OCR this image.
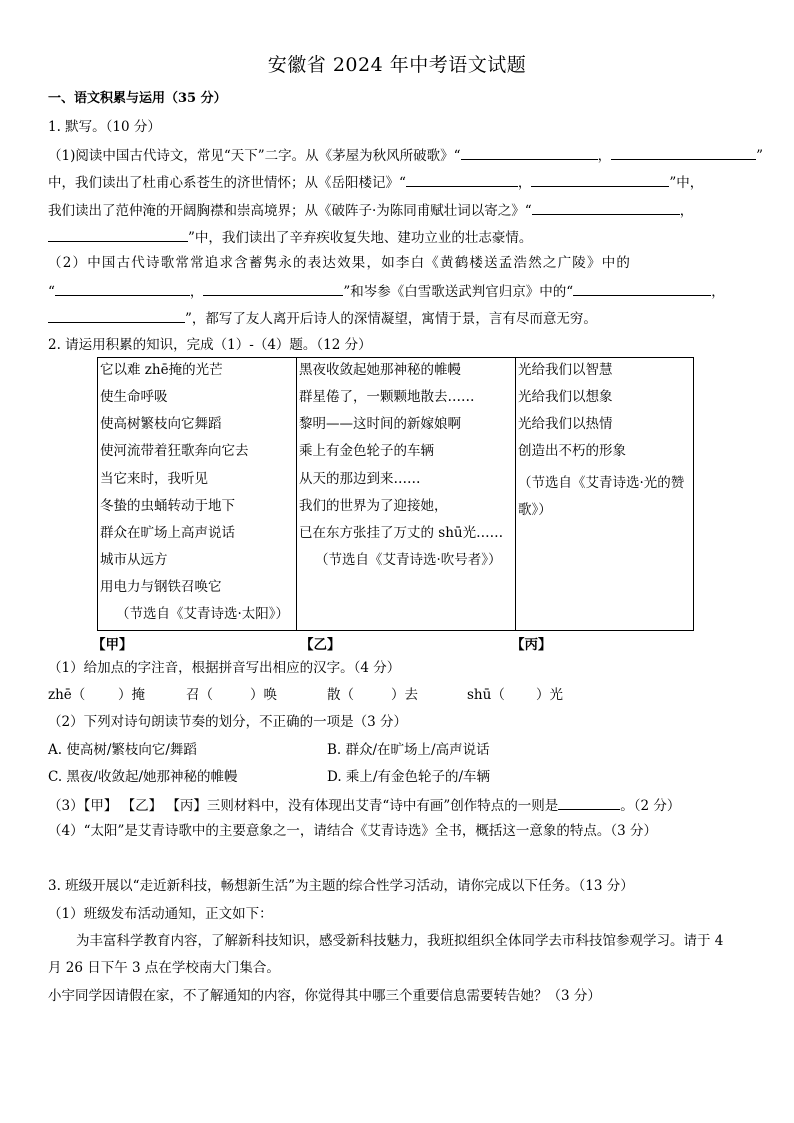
安徽省 2024 年中考语文试题
一、语文积累与运用（35 分）
1. 默写。（10 分）
（1)阅读中国古代诗文，常见“天下”二字。从《茅屋为秋风所破歌》“	，	”
中，我们读出了杜甫心系苍生的济世情怀；从《岳阳楼记》“	，	”中，
我们读出了范仲淹的开阔胸襟和崇高境界；从《破阵子·为陈同甫赋壮词以寄之》“	，
”中，我们读出了辛弃疾收复失地、建功立业的壮志豪情。
（2）中国古代诗歌常常追求含蓄隽永的表达效果，如李白《黄鹤楼送孟浩然之广陵》中的
“	，	”和岑参《白雪歌送武判官归京》中的“	，
”，都写了友人离开后诗人的深情凝望，寓情于景，言有尽而意无穷。
2. 请运用积累的知识，完成（1）-（4）题。（12 分）
它以难 zhē掩的光芒
使生命呼吸
使高树繁枝向它舞蹈
使河流带着狂歌奔向它去
当它来时，我听见
冬蛰的虫蛹转动于地下
群众在旷场上高声说话
城市从远方
用电力与钢铁召唤它
（节选自《艾青诗选·太阳》）
黑夜收敛起她那神秘的帷幔
群星倦了，一颗颗地散去……
黎明——这时间的新嫁娘啊
乘上有金色轮子的车辆
从天的那边到来……
我们的世界为了迎接她，
已在东方张挂了万丈的 shū光……
（节选自《艾青诗选·吹号者》）
光给我们以智慧
光给我们以想象
光给我们以热情
创造出不朽的形象
（节选自《艾青诗选·光的赞歌》）
【甲】	【乙】	【丙】
（1）给加点的字注音，根据拼音写出相应的汉字。（4 分）
zhē（ ）掩	召（	）唤	散（	）去	shū（ ）光
（2）下列对诗句朗读节奏的划分，不正确的一项是（3 分）
A. 使高树/繁枝向它/舞蹈	B. 群众/在旷场上/高声说话
C. 黑夜/收敛起/她那神秘的帷幔	D. 乘上/有金色轮子的/车辆
（3）【甲】 【乙】 【丙】三则材料中，没有体现出艾青“诗中有画”创作特点的一则是	。（2 分）
（4）“太阳”是艾青诗歌中的主要意象之一，请结合《艾青诗选》全书，概括这一意象的特点。（3 分）
3. 班级开展以“走近新科技，畅想新生活”为主题的综合性学习活动，请你完成以下任务。（13 分）
（1）班级发布活动通知，正文如下：
为丰富科学教育内容，了解新科技知识，感受新科技魅力，我班拟组织全体同学去市科技馆参观学习。请于 4
月 26 日下午 3 点在学校南大门集合。
小宇同学因请假在家，不了解通知的内容，你觉得其中哪三个重要信息需要转告她？（3 分）
